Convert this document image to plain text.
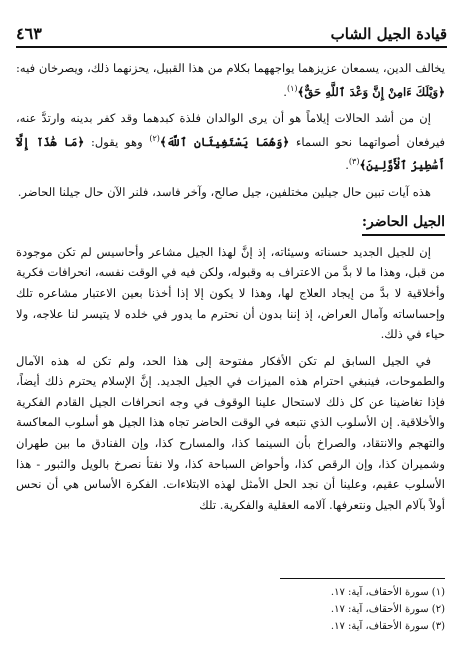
قيادة الجيل الشاب
٤٦٣

يخالف الدين، يسمعان عزيزهما يواجههما بكلام من هذا القبيل، يحزنهما ذلك، ويصرخان فيه: ﴿وَيْلَكَ ءَامِنْ إِنَّ وَعْدَ ٱللَّهِ حَقٌّ﴾$^{(١)}$.

إن من أشد الحالات إيلاماً هو أن يرى الوالدان فلذة كبدهما وقد كفر بدينه وارتدَّ عنه، فيرفعان أصواتهما نحو السماء ﴿وَهُمَا يَسْتَغِيثَانِ ٱللَّهَ﴾$^{(٢)}$ وهو يقول: ﴿مَا هَٰذَآ إِلَّآ أَسَٰطِيرُ ٱلْأَوَّلِينَ﴾$^{(٣)}$.

هذه آيات تبين حال جيلين مختلفين، جيل صالح، وآخر فاسد، فلنر الآن حال جيلنا الحاضر.

الجيل الحاضر:

إن للجيل الجديد حسناته وسيئاته، إذ إنَّ لهذا الجيل مشاعر وأحاسيس لم تكن موجودة من قبل، وهذا ما لا بدَّ من الاعتراف به وقبوله، ولكن فيه في الوقت نفسه، انحرافات فكرية وأخلاقية لا بدَّ من إيجاد العلاج لها، وهذا لا يكون إلا إذا أخذنا بعين الاعتبار مشاعره تلك وإحساساته وآمال العراض، إذ إننا بدون أن نحترم ما يدور في خلده لا يتيسر لنا علاجه، ولا حياء في ذلك.

في الجيل السابق لم تكن الأفكار مفتوحة إلى هذا الحد، ولم تكن له هذه الآمال والطموحات، فينبغي احترام هذه الميزات في الجيل الجديد. إنَّ الإسلام يحترم ذلك أيضاً، فإذا تغاضينا عن كل ذلك لاستحال علينا الوقوف في وجه انحرافات الجيل القادم الفكرية والأخلاقية. إن الأسلوب الذي نتبعه في الوقت الحاضر تجاه هذا الجيل هو أسلوب المعاكسة والتهجم والانتقاد، والصراخ بأن السينما كذا، والمسارح كذا، وإن الفنادق ما بين طهران وشميران كذا، وإن الرقص كذا، وأحواض السباحة كذا، ولا نفتأ نصرخ بالويل والثبور - هذا الأسلوب عقيم، وعلينا أن نجد الحل الأمثل لهذه الابتلاءات. الفكرة الأساس هي أن نحس أولاً بآلام الجيل ونتعرفها. آلامه العقلية والفكرية. تلك

(١) سورة الأحقاف، آية: ١٧.
(٢) سورة الأحقاف، آية: ١٧.
(٣) سورة الأحقاف، آية: ١٧.
